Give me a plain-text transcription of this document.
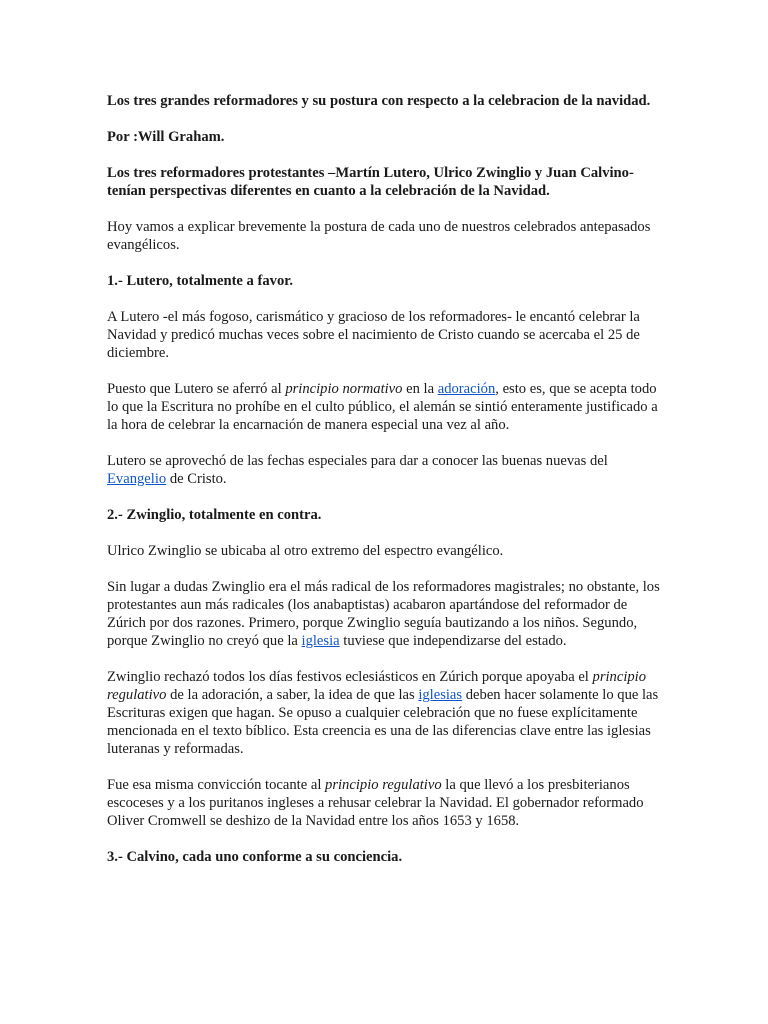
Los tres grandes reformadores y su postura con respecto a la celebracion de la navidad.

Por :Will Graham.

Los tres reformadores protestantes –Martín Lutero, Ulrico Zwinglio y Juan Calvino- tenían perspectivas diferentes en cuanto a la celebración de la Navidad.

Hoy vamos a explicar brevemente la postura de cada uno de nuestros celebrados antepasados evangélicos.

1.- Lutero, totalmente a favor.

A Lutero -el más fogoso, carismático y gracioso de los reformadores- le encantó celebrar la Navidad y predicó muchas veces sobre el nacimiento de Cristo cuando se acercaba el 25 de diciembre.

Puesto que Lutero se aferró al principio normativo en la adoración, esto es, que se acepta todo lo que la Escritura no prohíbe en el culto público, el alemán se sintió enteramente justificado a la hora de celebrar la encarnación de manera especial una vez al año.

Lutero se aprovechó de las fechas especiales para dar a conocer las buenas nuevas del Evangelio de Cristo.

2.- Zwinglio, totalmente en contra.

Ulrico Zwinglio se ubicaba al otro extremo del espectro evangélico.

Sin lugar a dudas Zwinglio era el más radical de los reformadores magistrales; no obstante, los protestantes aun más radicales (los anabaptistas) acabaron apartándose del reformador de Zúrich por dos razones. Primero, porque Zwinglio seguía bautizando a los niños. Segundo, porque Zwinglio no creyó que la iglesia tuviese que independizarse del estado.

Zwinglio rechazó todos los días festivos eclesiásticos en Zúrich porque apoyaba el principio regulativo de la adoración, a saber, la idea de que las iglesias deben hacer solamente lo que las Escrituras exigen que hagan. Se opuso a cualquier celebración que no fuese explícitamente mencionada en el texto bíblico. Esta creencia es una de las diferencias clave entre las iglesias luteranas y reformadas.

Fue esa misma convicción tocante al principio regulativo la que llevó a los presbiterianos escoceses y a los puritanos ingleses a rehusar celebrar la Navidad. El gobernador reformado Oliver Cromwell se deshizo de la Navidad entre los años 1653 y 1658.

3.- Calvino, cada uno conforme a su conciencia.
